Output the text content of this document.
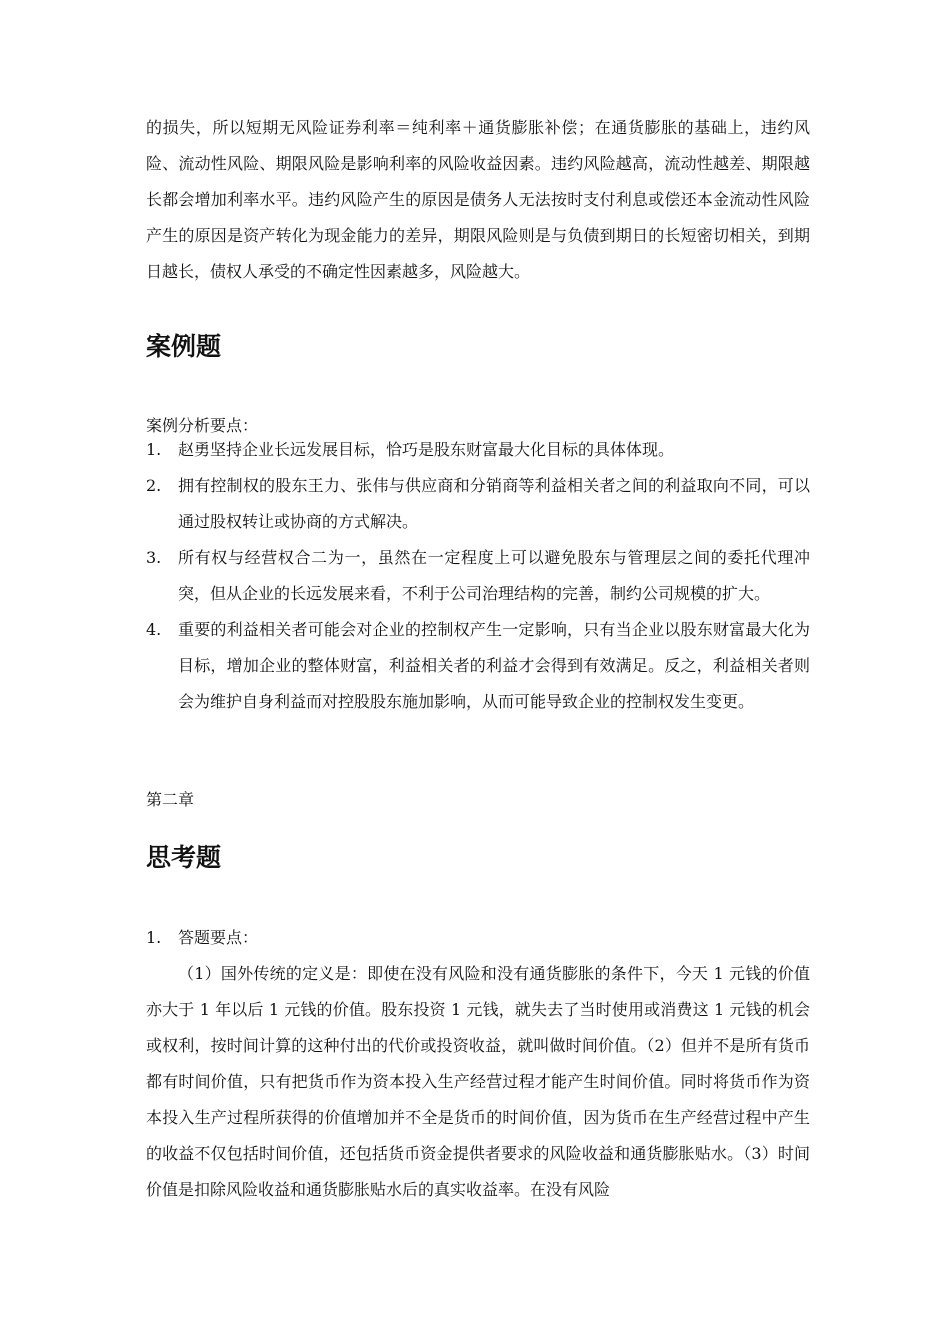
的损失，所以短期无风险证券利率＝纯利率＋通货膨胀补偿；在通货膨胀的基础上，违约风险、流动性风险、期限风险是影响利率的风险收益因素。违约风险越高，流动性越差、期限越长都会增加利率水平。违约风险产生的原因是债务人无法按时支付利息或偿还本金流动性风险产生的原因是资产转化为现金能力的差异，期限风险则是与负债到期日的长短密切相关，到期日越长，债权人承受的不确定性因素越多，风险越大。

案例题

案例分析要点：

1.	赵勇坚持企业长远发展目标，恰巧是股东财富最大化目标的具体体现。
2.	拥有控制权的股东王力、张伟与供应商和分销商等利益相关者之间的利益取向不同，可以通过股权转让或协商的方式解决。
3.	所有权与经营权合二为一，虽然在一定程度上可以避免股东与管理层之间的委托代理冲突，但从企业的长远发展来看，不利于公司治理结构的完善，制约公司规模的扩大。
4.	重要的利益相关者可能会对企业的控制权产生一定影响，只有当企业以股东财富最大化为目标，增加企业的整体财富，利益相关者的利益才会得到有效满足。反之，利益相关者则会为维护自身利益而对控股股东施加影响，从而可能导致企业的控制权发生变更。

第二章

思考题
1.	答题要点：

（1）国外传统的定义是：即使在没有风险和没有通货膨胀的条件下，今天 1 元钱的价值亦大于 1 年以后 1 元钱的价值。股东投资 1 元钱，就失去了当时使用或消费这 1 元钱的机会或权利，按时间计算的这种付出的代价或投资收益，就叫做时间价值。（2）但并不是所有货币都有时间价值，只有把货币作为资本投入生产经营过程才能产生时间价值。同时将货币作为资本投入生产过程所获得的价值增加并不全是货币的时间价值，因为货币在生产经营过程中产生的收益不仅包括时间价值，还包括货币资金提供者要求的风险收益和通货膨胀贴水。（3）时间价值是扣除风险收益和通货膨胀贴水后的真实收益率。在没有风险
